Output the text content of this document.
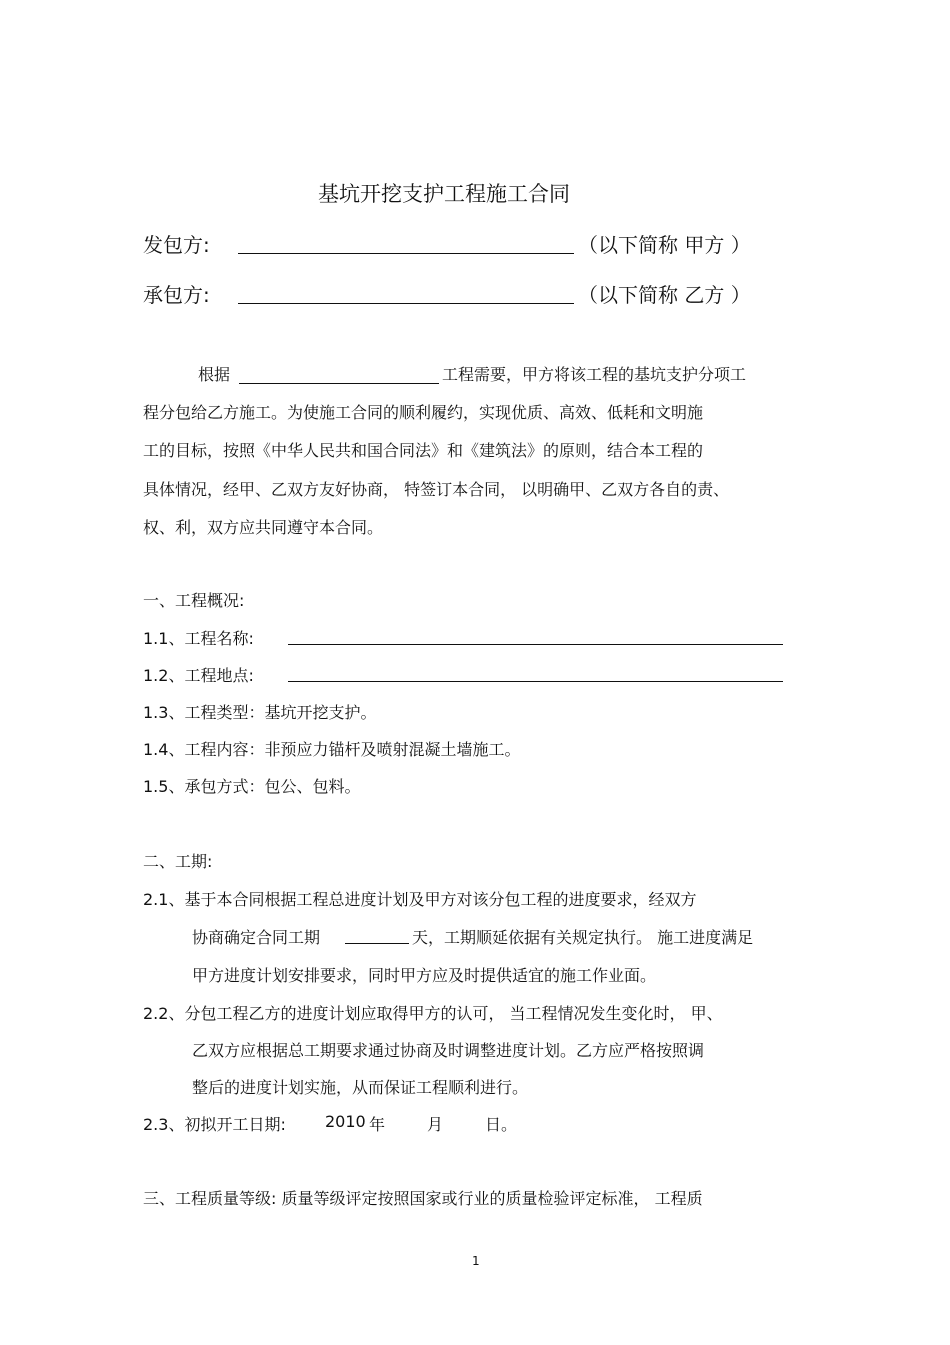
基坑开挖支护工程施工合同
发包方:	（以下简称 甲方 ）
承包方:	（以下简称 乙方 ）
根据	工程需要，甲方将该工程的基坑支护分项工
程分包给乙方施工。为使施工合同的顺利履约，实现优质、高效、低耗和文明施
工的目标，按照《中华人民共和国合同法》和《建筑法》的原则，结合本工程的
具体情况，经甲、乙双方友好协商， 特签订本合同， 以明确甲、乙双方各自的责、
权、利，双方应共同遵守本合同。
一、工程概况:
1.1、工程名称:
1.2、工程地点:
1.3、工程类型：基坑开挖支护。
1.4、工程内容：非预应力锚杆及喷射混凝土墙施工。
1.5、承包方式：包公、包料。
二、工期:
2.1、基于本合同根据工程总进度计划及甲方对该分包工程的进度要求，经双方
协商确定合同工期	天，工期顺延依据有关规定执行。 施工进度满足
甲方进度计划安排要求，同时甲方应及时提供适宜的施工作业面。
2.2、分包工程乙方的进度计划应取得甲方的认可， 当工程情况发生变化时， 甲、
乙双方应根据总工期要求通过协商及时调整进度计划。乙方应严格按照调
整后的进度计划实施，从而保证工程顺利进行。
2.3、初拟开工日期: 2010 年	月	日。
三、工程质量等级: 质量等级评定按照国家或行业的质量检验评定标准， 工程质
1
